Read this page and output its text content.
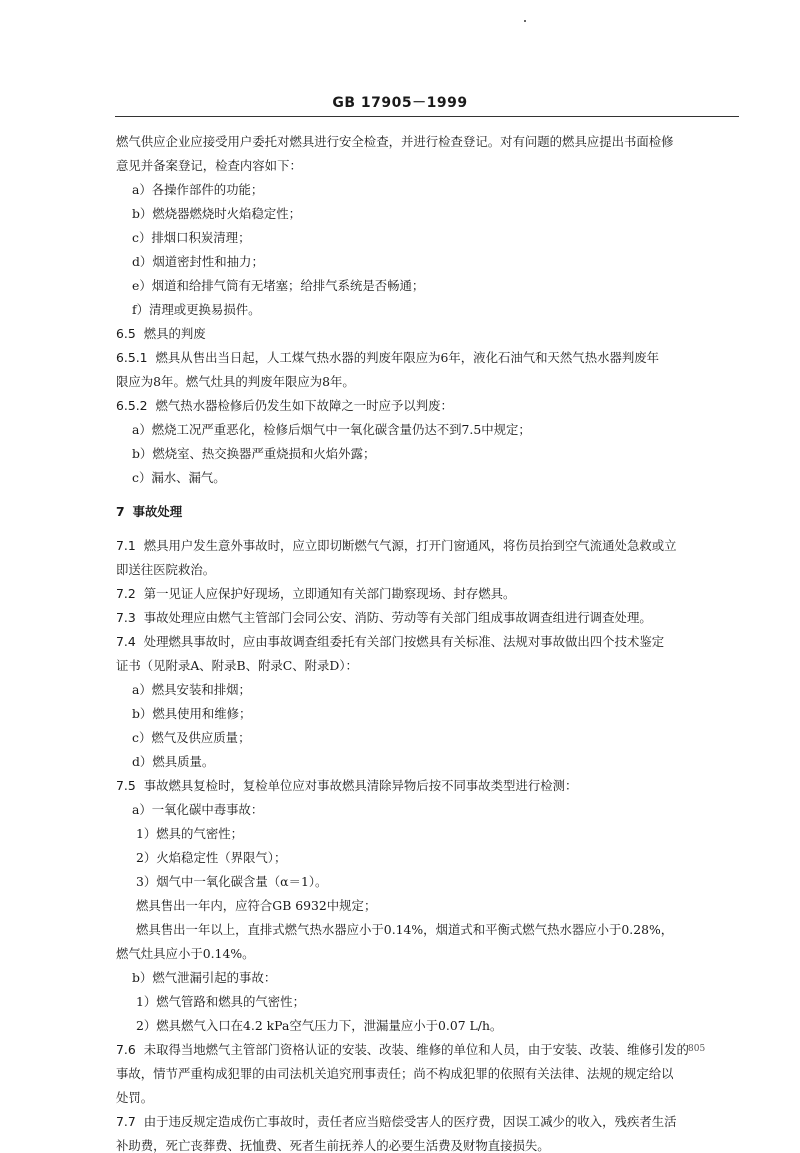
GB 17905－1999
燃气供应企业应接受用户委托对燃具进行安全检查，并进行检查登记。对有问题的燃具应提出书面检修
意见并备案登记，检查内容如下：
a）各操作部件的功能；
b）燃烧器燃烧时火焰稳定性；
c）排烟口积炭清理；
d）烟道密封性和抽力；
e）烟道和给排气筒有无堵塞；给排气系统是否畅通；
f）清理或更换易损件。
6.5 燃具的判废
6.5.1 燃具从售出当日起，人工煤气热水器的判废年限应为6年，液化石油气和天然气热水器判废年
限应为8年。燃气灶具的判废年限应为8年。
6.5.2 燃气热水器检修后仍发生如下故障之一时应予以判废：
a）燃烧工况严重恶化，检修后烟气中一氧化碳含量仍达不到7.5中规定；
b）燃烧室、热交换器严重烧损和火焰外露；
c）漏水、漏气。
7 事故处理
7.1 燃具用户发生意外事故时，应立即切断燃气气源，打开门窗通风，将伤员抬到空气流通处急救或立
即送往医院救治。
7.2 第一见证人应保护好现场，立即通知有关部门勘察现场、封存燃具。
7.3 事故处理应由燃气主管部门会同公安、消防、劳动等有关部门组成事故调查组进行调查处理。
7.4 处理燃具事故时，应由事故调查组委托有关部门按燃具有关标准、法规对事故做出四个技术鉴定
证书（见附录A、附录B、附录C、附录D）：
a）燃具安装和排烟；
b）燃具使用和维修；
c）燃气及供应质量；
d）燃具质量。
7.5 事故燃具复检时，复检单位应对事故燃具清除异物后按不同事故类型进行检测：
a）一氧化碳中毒事故：
1）燃具的气密性；
2）火焰稳定性（界限气）；
3）烟气中一氧化碳含量（α＝1）。
燃具售出一年内，应符合GB 6932中规定；
燃具售出一年以上，直排式燃气热水器应小于0.14%，烟道式和平衡式燃气热水器应小于0.28%，
燃气灶具应小于0.14%。
b）燃气泄漏引起的事故：
1）燃气管路和燃具的气密性；
2）燃具燃气入口在4.2 kPa空气压力下，泄漏量应小于0.07 L/h。
7.6 未取得当地燃气主管部门资格认证的安装、改装、维修的单位和人员，由于安装、改装、维修引发的
事故，情节严重构成犯罪的由司法机关追究刑事责任；尚不构成犯罪的依照有关法律、法规的规定给以
处罚。
7.7 由于违反规定造成伤亡事故时，责任者应当赔偿受害人的医疗费，因误工减少的收入，残疾者生活
补助费，死亡丧葬费、抚恤费、死者生前抚养人的必要生活费及财物直接损失。
805
